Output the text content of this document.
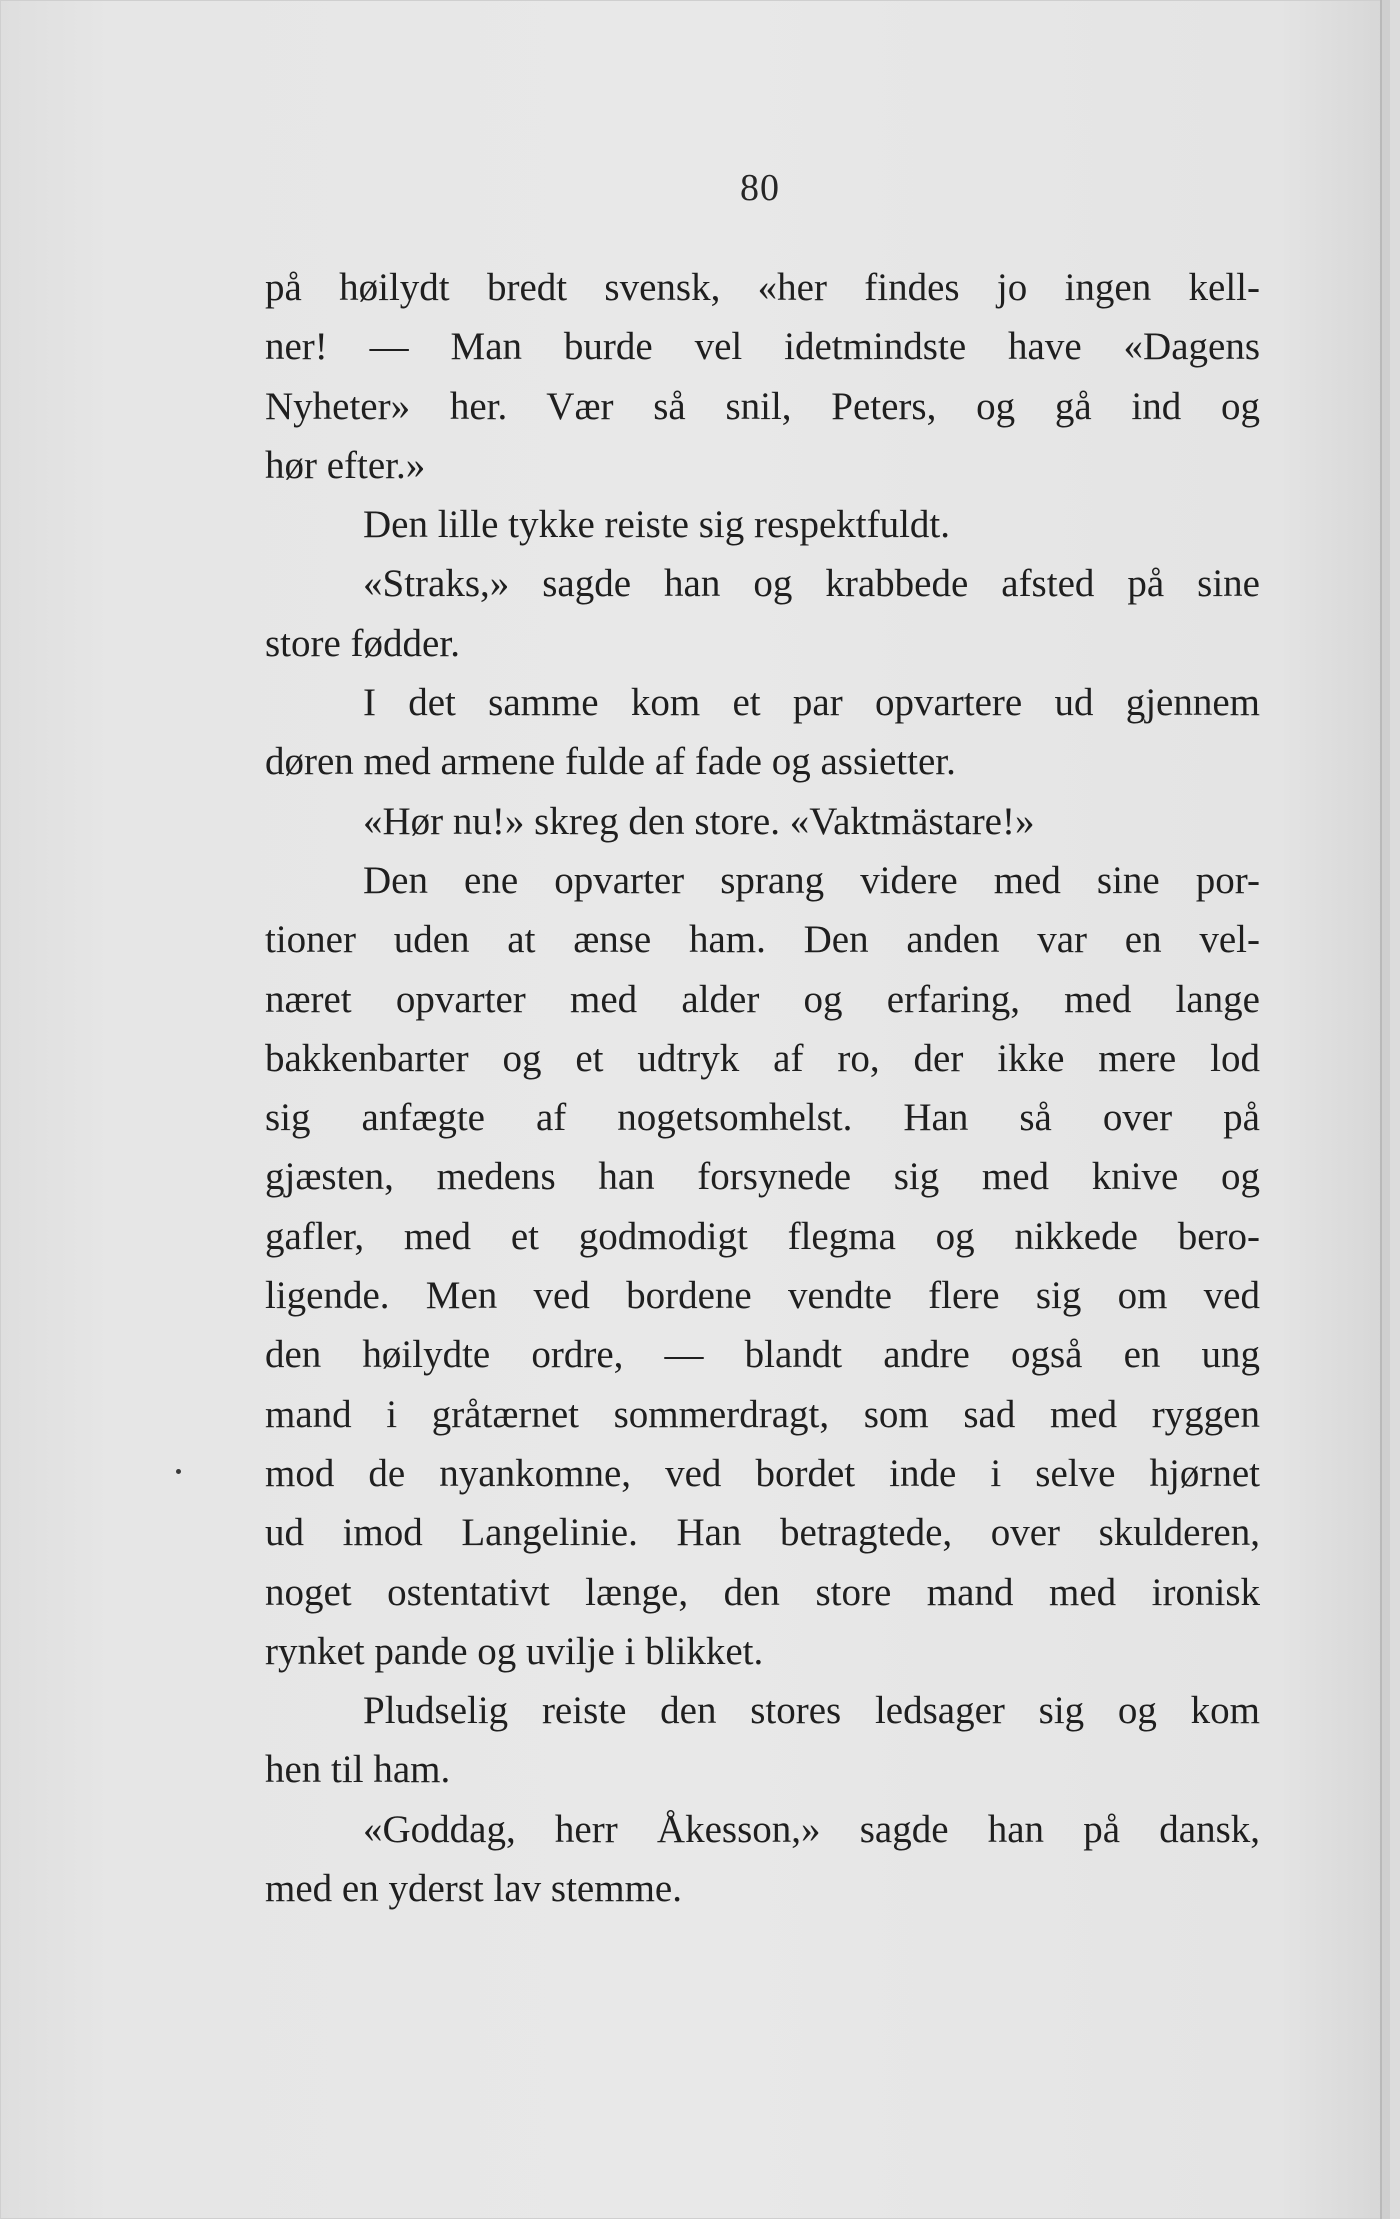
80
på høilydt bredt svensk, «her findes jo ingen kell-
ner! — Man burde vel idetmindste have «Dagens
Nyheter» her. Vær så snil, Peters, og gå ind og
hør efter.»
Den lille tykke reiste sig respektfuldt.
«Straks,» sagde han og krabbede afsted på sine
store fødder.
I det samme kom et par opvartere ud gjennem
døren med armene fulde af fade og assietter.
«Hør nu!» skreg den store. «Vaktmästare!»
Den ene opvarter sprang videre med sine por-
tioner uden at ænse ham. Den anden var en vel-
næret opvarter med alder og erfaring, med lange
bakkenbarter og et udtryk af ro, der ikke mere lod
sig anfægte af nogetsomhelst. Han så over på
gjæsten, medens han forsynede sig med knive og
gafler, med et godmodigt flegma og nikkede bero-
ligende. Men ved bordene vendte flere sig om ved
den høilydte ordre, — blandt andre også en ung
mand i gråtærnet sommerdragt, som sad med ryggen
mod de nyankomne, ved bordet inde i selve hjørnet
ud imod Langelinie. Han betragtede, over skulderen,
noget ostentativt længe, den store mand med ironisk
rynket pande og uvilje i blikket.
Pludselig reiste den stores ledsager sig og kom
hen til ham.
«Goddag, herr Åkesson,» sagde han på dansk,
med en yderst lav stemme.
